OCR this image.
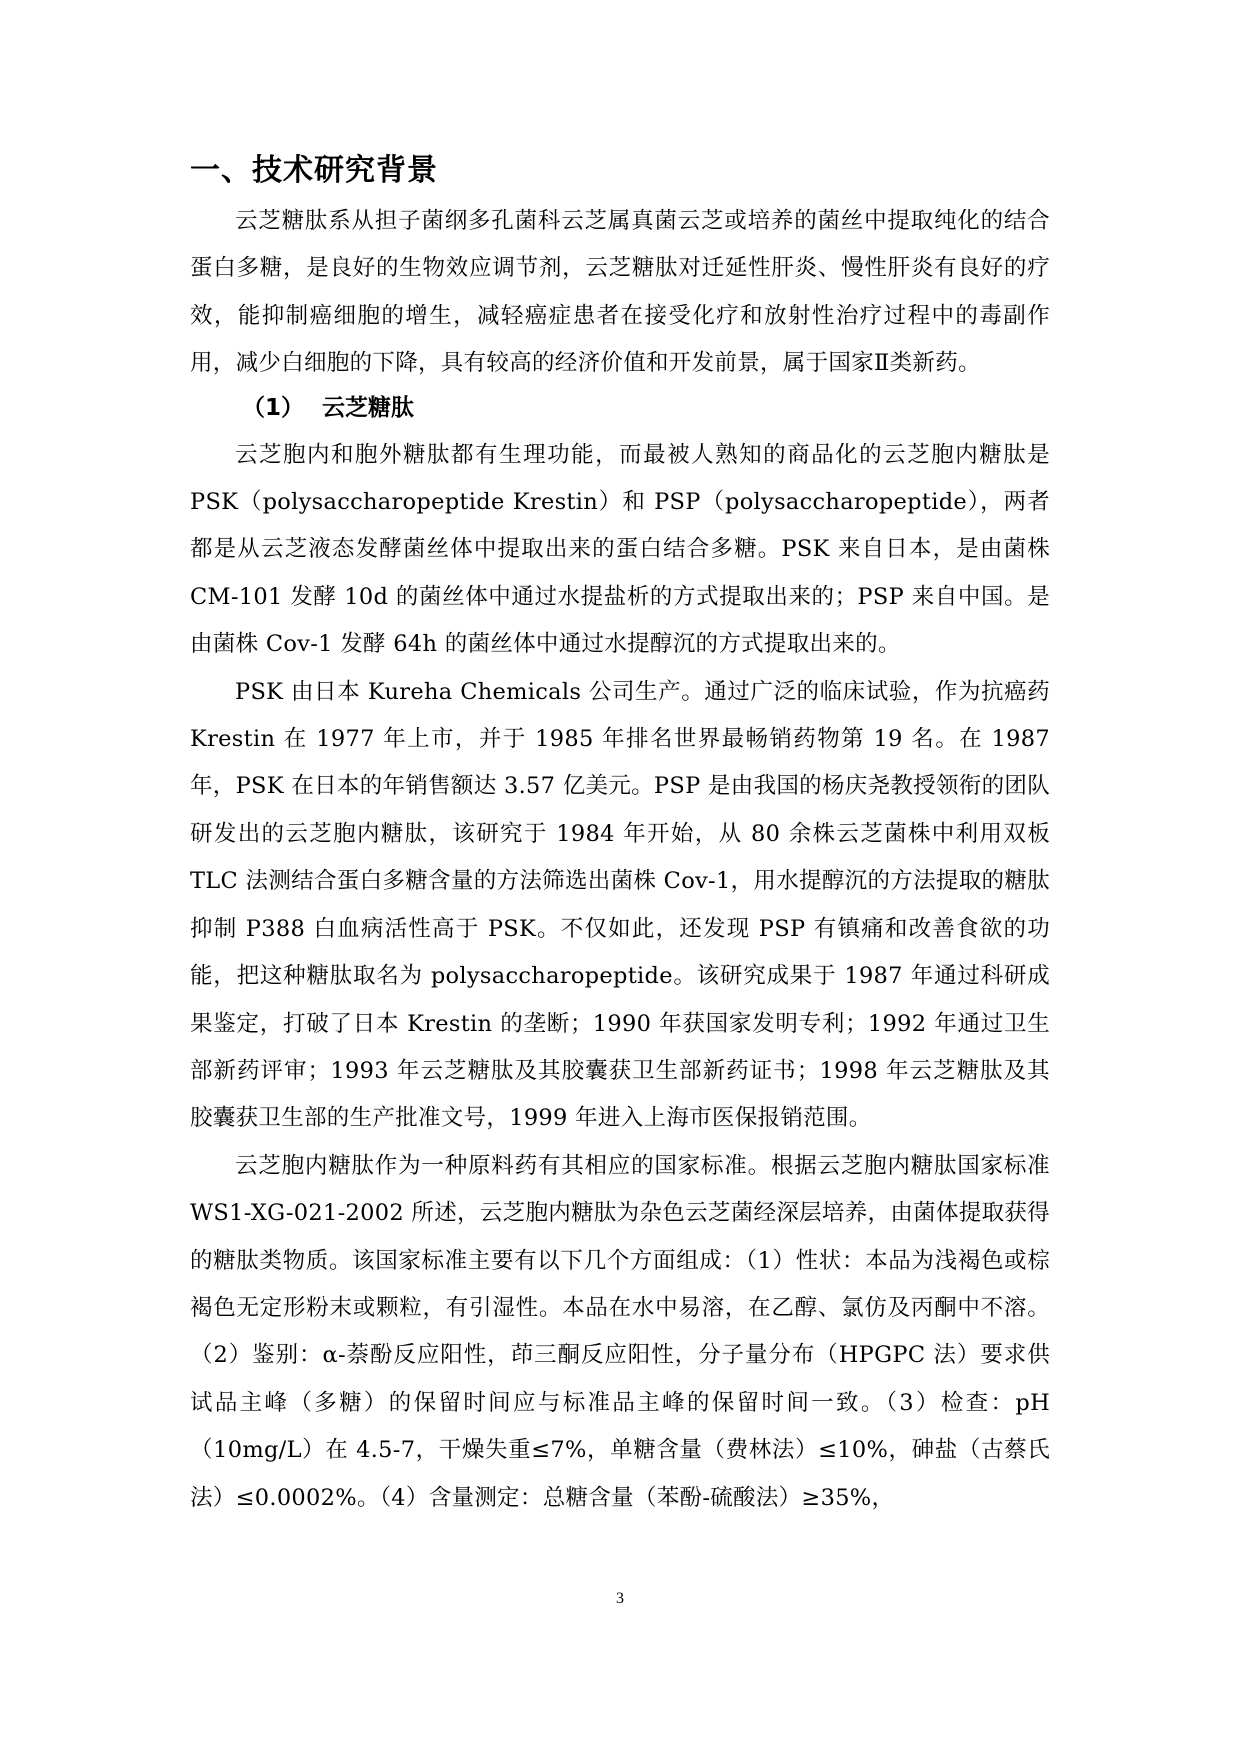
一、技术研究背景

云芝糖肽系从担子菌纲多孔菌科云芝属真菌云芝或培养的菌丝中提取纯化的结合蛋白多糖，是良好的生物效应调节剂，云芝糖肽对迁延性肝炎、慢性肝炎有良好的疗效，能抑制癌细胞的增生，减轻癌症患者在接受化疗和放射性治疗过程中的毒副作用，减少白细胞的下降，具有较高的经济价值和开发前景，属于国家Ⅱ类新药。

（1） 云芝糖肽

云芝胞内和胞外糖肽都有生理功能，而最被人熟知的商品化的云芝胞内糖肽是 PSK（polysaccharopeptide Krestin）和 PSP（polysaccharopeptide），两者都是从云芝液态发酵菌丝体中提取出来的蛋白结合多糖。PSK 来自日本，是由菌株 CM-101 发酵 10d 的菌丝体中通过水提盐析的方式提取出来的；PSP 来自中国。是由菌株 Cov-1 发酵 64h 的菌丝体中通过水提醇沉的方式提取出来的。

PSK 由日本 Kureha Chemicals 公司生产。通过广泛的临床试验，作为抗癌药 Krestin 在 1977 年上市，并于 1985 年排名世界最畅销药物第 19 名。在 1987 年，PSK 在日本的年销售额达 3.57 亿美元。PSP 是由我国的杨庆尧教授领衔的团队研发出的云芝胞内糖肽，该研究于 1984 年开始，从 80 余株云芝菌株中利用双板 TLC 法测结合蛋白多糖含量的方法筛选出菌株 Cov-1，用水提醇沉的方法提取的糖肽抑制 P388 白血病活性高于 PSK。不仅如此，还发现 PSP 有镇痛和改善食欲的功能，把这种糖肽取名为 polysaccharopeptide。该研究成果于 1987 年通过科研成果鉴定，打破了日本 Krestin 的垄断；1990 年获国家发明专利；1992 年通过卫生部新药评审；1993 年云芝糖肽及其胶囊获卫生部新药证书；1998 年云芝糖肽及其胶囊获卫生部的生产批准文号，1999 年进入上海市医保报销范围。

云芝胞内糖肽作为一种原料药有其相应的国家标准。根据云芝胞内糖肽国家标准 WS1-XG-021-2002 所述，云芝胞内糖肽为杂色云芝菌经深层培养，由菌体提取获得的糖肽类物质。该国家标准主要有以下几个方面组成：（1）性状：本品为浅褐色或棕褐色无定形粉末或颗粒，有引湿性。本品在水中易溶，在乙醇、氯仿及丙酮中不溶。（2）鉴别：α-萘酚反应阳性，茚三酮反应阳性，分子量分布（HPGPC 法）要求供试品主峰（多糖）的保留时间应与标准品主峰的保留时间一致。（3）检查：pH（10mg/L）在 4.5-7，干燥失重≤7%，单糖含量（费林法）≤10%，砷盐（古蔡氏法）≤0.0002%。（4）含量测定：总糖含量（苯酚-硫酸法）≥35%，

3
